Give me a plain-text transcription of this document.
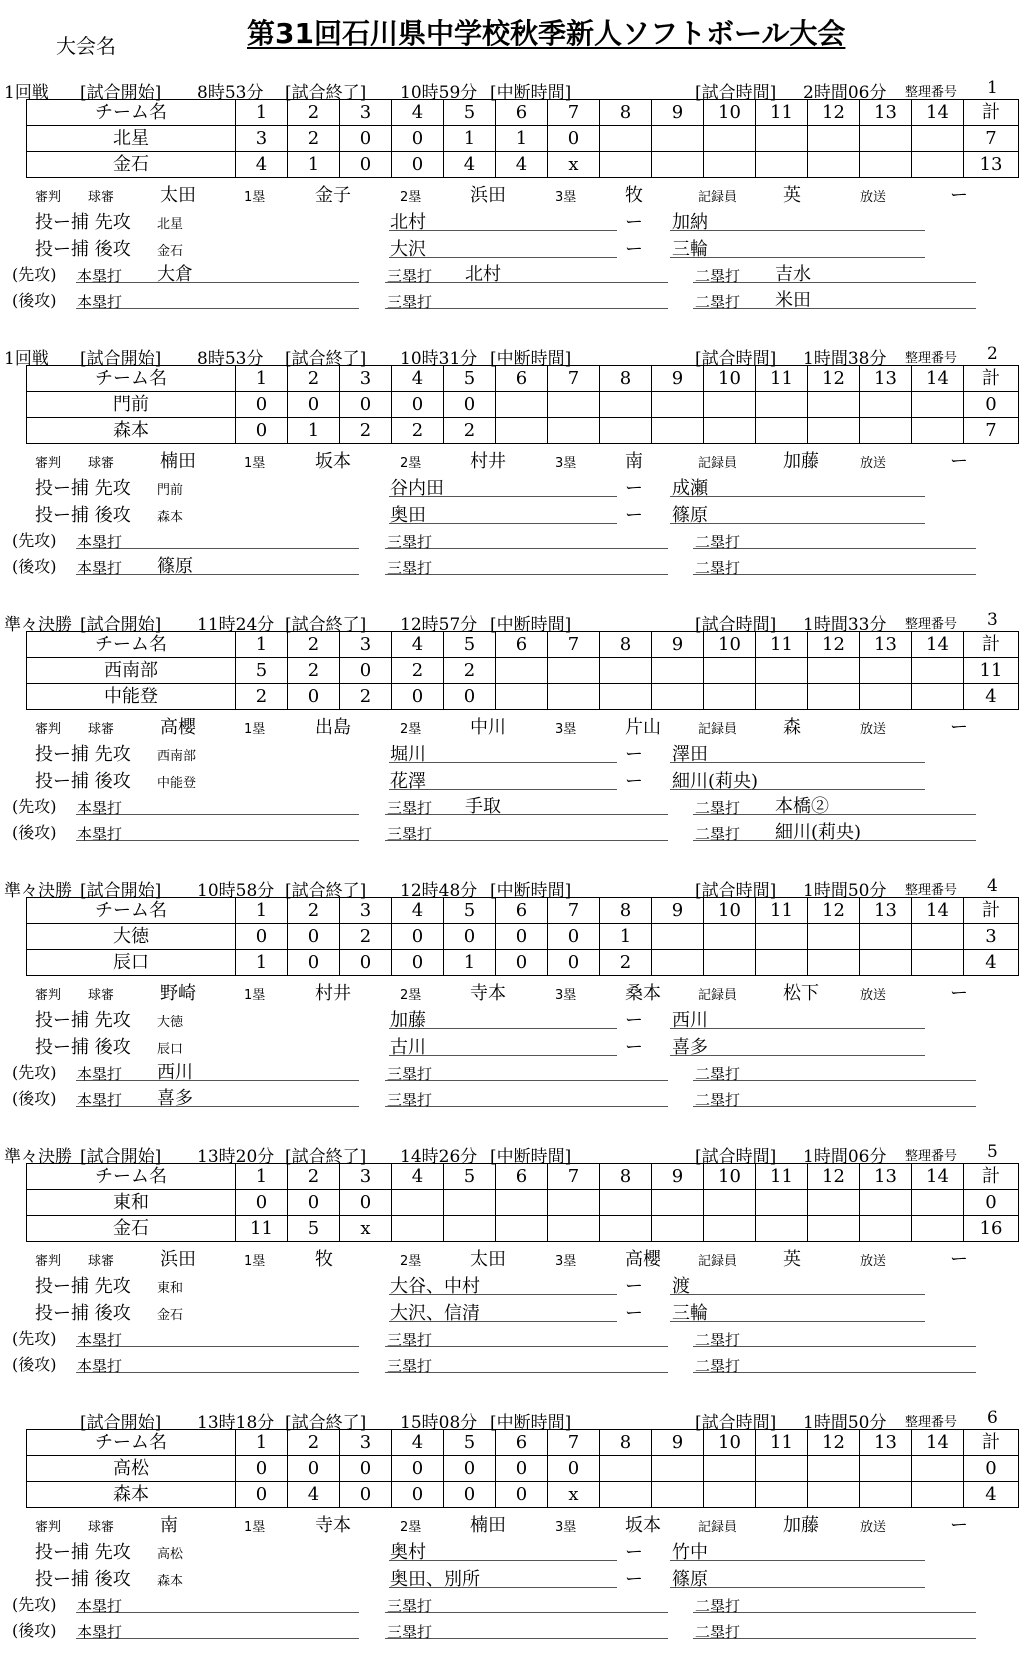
大会名	第31回石川県中学校秋季新人ソフトボール大会
1回戦 [試合開始] 8時53分 [試合終了] 10時59分 [中断時間]	[試合時間] 2時間06分 整理番号 1
チーム名	1	2	3	4	5	6	7	8	9	10	11	12	13	14	計
北星	3	2	0	0	1	1	0								7
金石	4	1	0	0	4	4	x								13
審判 球審	太田	1塁	金子	2塁	浜田	3塁	牧	記録員	英	放送	ー
投ー捕 先攻 北星	北村	ー 加納
投ー捕 後攻 金石	大沢	ー 三輪
(先攻) 本塁打 大倉	三塁打 北村	二塁打 吉水
(後攻) 本塁打	三塁打	二塁打 米田
1回戦 [試合開始] 8時53分 [試合終了] 10時31分 [中断時間]	[試合時間] 1時間38分 整理番号 2
チーム名	1	2	3	4	5	6	7	8	9	10	11	12	13	14	計
門前	0	0	0	0	0										0
森本	0	1	2	2	2										7
審判 球審	楠田	1塁	坂本	2塁	村井	3塁	南	記録員	加藤	放送	ー
投ー捕 先攻 門前	谷内田	ー 成瀬
投ー捕 後攻 森本	奥田	ー 篠原
(先攻) 本塁打	三塁打	二塁打
(後攻) 本塁打 篠原	三塁打	二塁打
準々決勝 [試合開始] 11時24分 [試合終了] 12時57分 [中断時間]	[試合時間] 1時間33分 整理番号 3
チーム名	1	2	3	4	5	6	7	8	9	10	11	12	13	14	計
西南部	5	2	0	2	2										11
中能登	2	0	2	0	0										4
審判 球審	高櫻	1塁	出島	2塁	中川	3塁	片山	記録員	森	放送	ー
投ー捕 先攻 西南部	堀川	ー 澤田
投ー捕 後攻 中能登	花澤	ー 細川(莉央)
(先攻) 本塁打	三塁打 手取	二塁打 本橋②
(後攻) 本塁打	三塁打	二塁打 細川(莉央)
準々決勝 [試合開始] 10時58分 [試合終了] 12時48分 [中断時間]	[試合時間] 1時間50分 整理番号 4
チーム名	1	2	3	4	5	6	7	8	9	10	11	12	13	14	計
大徳	0	0	2	0	0	0	0	1							3
辰口	1	0	0	0	1	0	0	2							4
審判 球審	野崎	1塁	村井	2塁	寺本	3塁	桑本	記録員	松下	放送	ー
投ー捕 先攻 大徳	加藤	ー 西川
投ー捕 後攻 辰口	古川	ー 喜多
(先攻) 本塁打 西川	三塁打	二塁打
(後攻) 本塁打 喜多	三塁打	二塁打
準々決勝 [試合開始] 13時20分 [試合終了] 14時26分 [中断時間]	[試合時間] 1時間06分 整理番号 5
チーム名	1	2	3	4	5	6	7	8	9	10	11	12	13	14	計
東和	0	0	0												0
金石	11	5	x												16
審判 球審	浜田	1塁	牧	2塁	太田	3塁	高櫻	記録員	英	放送	ー
投ー捕 先攻 東和	大谷、中村	ー 渡
投ー捕 後攻 金石	大沢、信清	ー 三輪
(先攻) 本塁打	三塁打	二塁打
(後攻) 本塁打	三塁打	二塁打
[試合開始] 13時18分 [試合終了] 15時08分 [中断時間]	[試合時間] 1時間50分 整理番号 6
チーム名	1	2	3	4	5	6	7	8	9	10	11	12	13	14	計
高松	0	0	0	0	0	0	0								0
森本	0	4	0	0	0	0	x								4
審判 球審	南	1塁	寺本	2塁	楠田	3塁	坂本	記録員	加藤	放送	ー
投ー捕 先攻 高松	奥村	ー 竹中
投ー捕 後攻 森本	奥田、別所	ー 篠原
(先攻) 本塁打	三塁打	二塁打
(後攻) 本塁打	三塁打	二塁打
